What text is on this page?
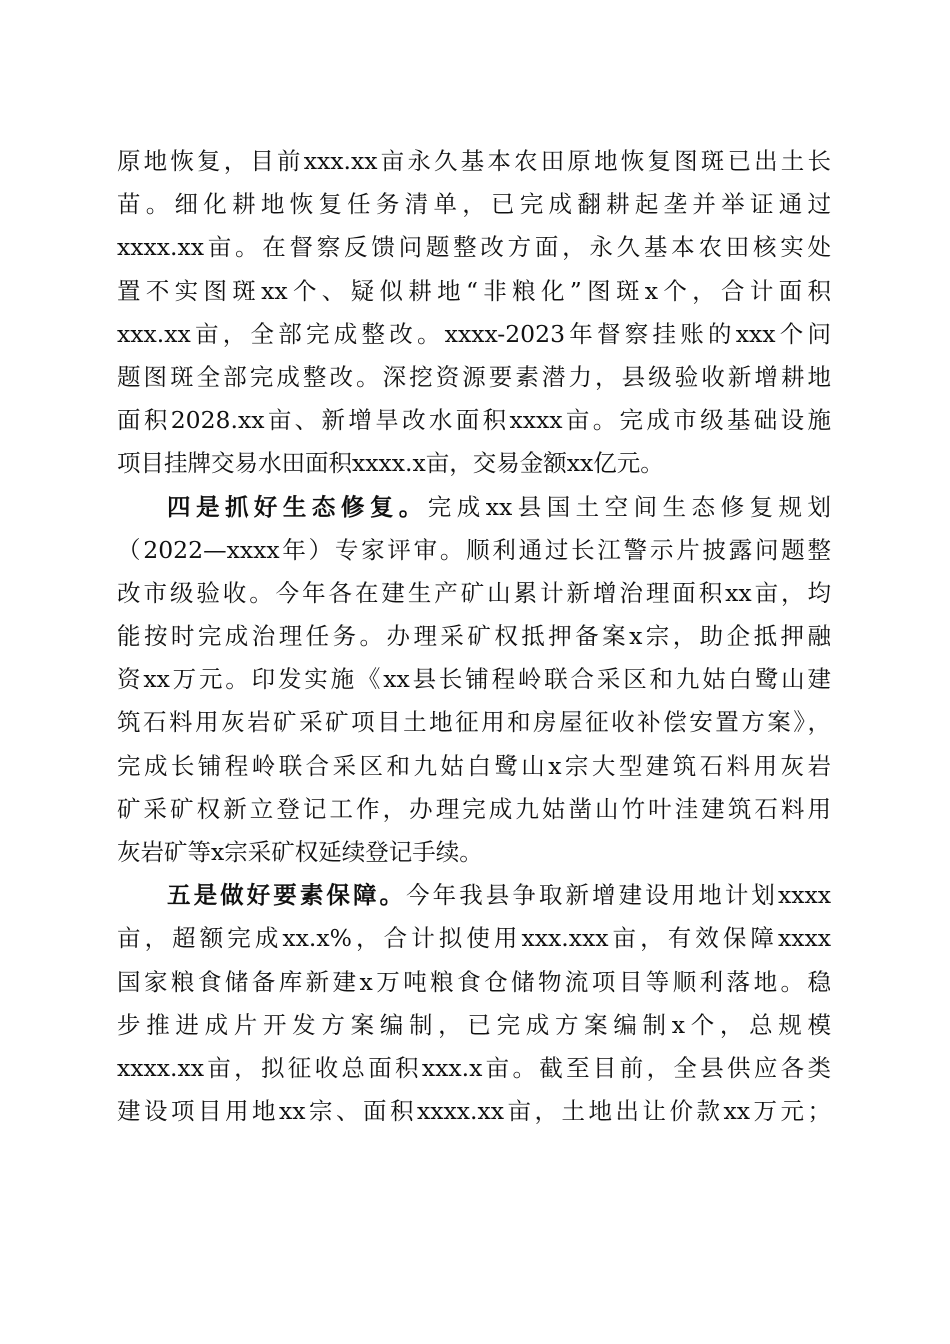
原地恢复，目前xxx.xx亩永久基本农田原地恢复图斑已出土长
苗。细化耕地恢复任务清单，已完成翻耕起垄并举证通过
xxxx.xx亩。在督察反馈问题整改方面，永久基本农田核实处
置不实图斑xx个、疑似耕地“非粮化”图斑x个，合计面积
xxx.xx亩，全部完成整改。xxxx-2023年督察挂账的xxx个问
题图斑全部完成整改。深挖资源要素潜力，县级验收新增耕地
面积2028.xx亩、新增旱改水面积xxxx亩。完成市级基础设施
项目挂牌交易水田面积xxxx.x亩，交易金额xx亿元。
四是抓好生态修复。完成xx县国土空间生态修复规划
（2022—xxxx年）专家评审。顺利通过长江警示片披露问题整
改市级验收。今年各在建生产矿山累计新增治理面积xx亩，均
能按时完成治理任务。办理采矿权抵押备案x宗，助企抵押融
资xx万元。印发实施《xx县长铺程岭联合采区和九姑白鹭山建
筑石料用灰岩矿采矿项目土地征用和房屋征收补偿安置方案》，
完成长铺程岭联合采区和九姑白鹭山x宗大型建筑石料用灰岩
矿采矿权新立登记工作，办理完成九姑凿山竹叶洼建筑石料用
灰岩矿等x宗采矿权延续登记手续。
五是做好要素保障。今年我县争取新增建设用地计划xxxx
亩，超额完成xx.x%，合计拟使用xxx.xxx亩，有效保障xxxx
国家粮食储备库新建x万吨粮食仓储物流项目等顺利落地。稳
步推进成片开发方案编制，已完成方案编制x个，总规模
xxxx.xx亩，拟征收总面积xxx.x亩。截至目前，全县供应各类
建设项目用地xx宗、面积xxxx.xx亩，土地出让价款xx万元；
